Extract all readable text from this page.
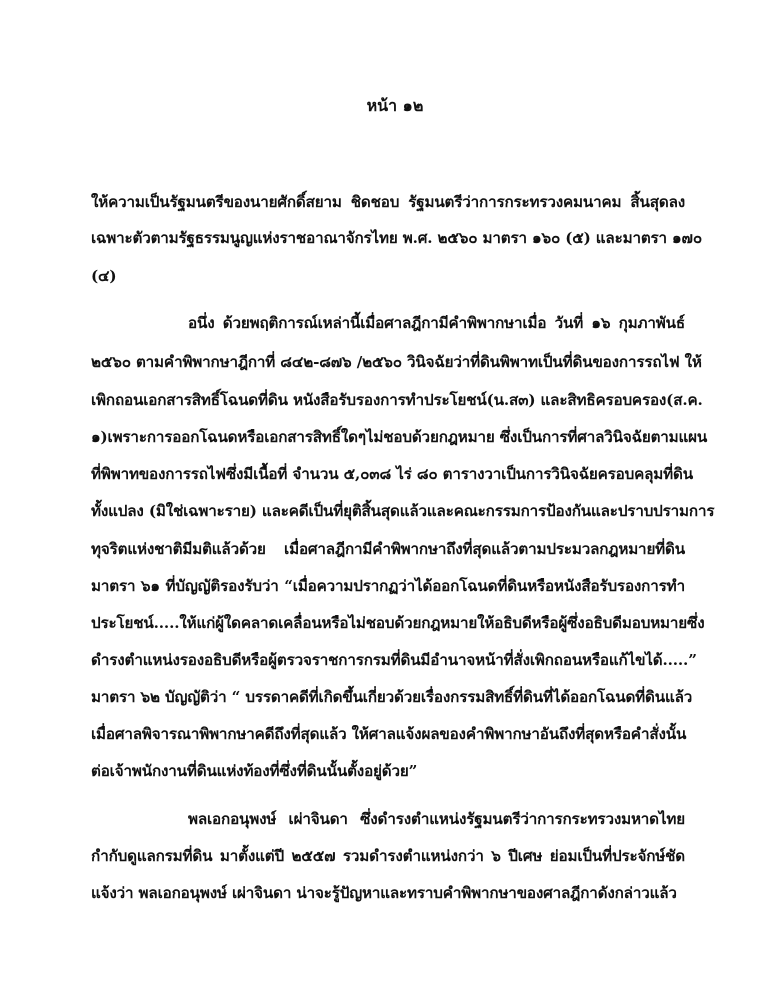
หน้า ๑๒
ให้ความเป็นรัฐมนตรีของนายศักดิ์สยาม ชิดชอบ รัฐมนตรีว่าการกระทรวงคมนาคม สิ้นสุดลง
เฉพาะตัวตามรัฐธรรมนูญแห่งราชอาณาจักรไทย พ.ศ. ๒๕๖๐ มาตรา ๑๖๐ (๕) และมาตรา ๑๗๐
(๔)
อนึ่ง ด้วยพฤติการณ์เหล่านี้เมื่อศาลฎีกามีคำพิพากษาเมื่อ วันที่ ๑๖ กุมภาพันธ์
๒๕๖๐ ตามคำพิพากษาฎีกาที่ ๘๔๒-๘๗๖ /๒๕๖๐ วินิจฉัยว่าที่ดินพิพาทเป็นที่ดินของการรถไฟ ให้
เพิกถอนเอกสารสิทธิ์โฉนดที่ดิน หนังสือรับรองการทำประโยชน์(น.ส๓) และสิทธิครอบครอง(ส.ค.
๑)เพราะการออกโฉนดหรือเอกสารสิทธิ์ใดๆไม่ชอบด้วยกฎหมาย ซึ่งเป็นการที่ศาลวินิจฉัยตามแผน
ที่พิพาทของการรถไฟซึ่งมีเนื้อที่ จำนวน ๕,๐๓๘ ไร่ ๘๐ ตารางวาเป็นการวินิจฉัยครอบคลุมที่ดิน
ทั้งแปลง (มิใช่เฉพาะราย) และคดีเป็นที่ยุติสิ้นสุดแล้วและคณะกรรมการป้องกันและปราบปรามการ
ทุจริตแห่งชาติมีมติแล้วด้วย เมื่อศาลฎีกามีคำพิพากษาถึงที่สุดแล้วตามประมวลกฎหมายที่ดิน
มาตรา ๖๑ ที่บัญญัติรองรับว่า “เมื่อความปรากฏว่าได้ออกโฉนดที่ดินหรือหนังสือรับรองการทำ
ประโยชน์.....ให้แก่ผู้ใดคลาดเคลื่อนหรือไม่ชอบด้วยกฎหมายให้อธิบดีหรือผู้ซึ่งอธิบดีมอบหมายซึ่ง
ดำรงตำแหน่งรองอธิบดีหรือผู้ตรวจราชการกรมที่ดินมีอำนาจหน้าที่สั่งเพิกถอนหรือแก้ไขได้.....”
มาตรา ๖๒ บัญญัติว่า “ บรรดาคดีที่เกิดขึ้นเกี่ยวด้วยเรื่องกรรมสิทธิ์ที่ดินที่ได้ออกโฉนดที่ดินแล้ว
เมื่อศาลพิจารณาพิพากษาคดีถึงที่สุดแล้ว ให้ศาลแจ้งผลของคำพิพากษาอันถึงที่สุดหรือคำสั่งนั้น
ต่อเจ้าพนักงานที่ดินแห่งท้องที่ซึ่งที่ดินนั้นตั้งอยู่ด้วย”
พลเอกอนุพงษ์ เผ่าจินดา ซึ่งดำรงตำแหน่งรัฐมนตรีว่าการกระทรวงมหาดไทย
กำกับดูแลกรมที่ดิน มาตั้งแต่ปี ๒๕๕๗ รวมดำรงตำแหน่งกว่า ๖ ปีเศษ ย่อมเป็นที่ประจักษ์ชัด
แจ้งว่า พลเอกอนุพงษ์ เผ่าจินดา น่าจะรู้ปัญหาและทราบคำพิพากษาของศาลฎีกาดังกล่าวแล้ว
